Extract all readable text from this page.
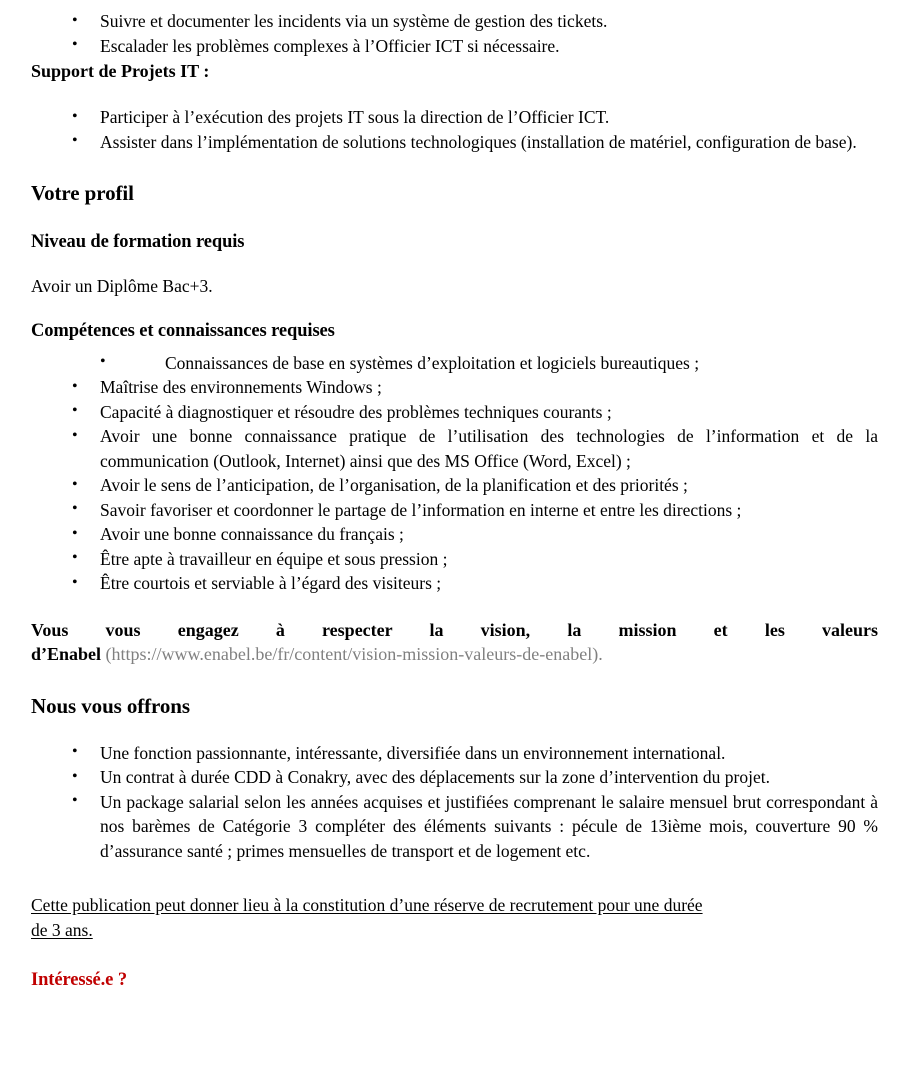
• Suivre et documenter les incidents via un système de gestion des tickets.
• Escalader les problèmes complexes à l’Officier ICT si nécessaire.

Support de Projets IT :

• Participer à l’exécution des projets IT sous la direction de l’Officier ICT.
• Assister dans l’implémentation de solutions technologiques (installation de matériel, configuration de base).
Votre profil
Niveau de formation requis

Avoir un Diplôme Bac+3.

Compétences et connaissances requises
• Connaissances de base en systèmes d’exploitation et logiciels bureautiques ;
• Maîtrise des environnements Windows ;
• Capacité à diagnostiquer et résoudre des problèmes techniques courants ;
• Avoir une bonne connaissance pratique de l’utilisation des technologies de l’information et de la communication (Outlook, Internet) ainsi que des MS Office (Word, Excel) ;
• Avoir le sens de l’anticipation, de l’organisation, de la planification et des priorités ;
• Savoir favoriser et coordonner le partage de l’information en interne et entre les directions ;
• Avoir une bonne connaissance du français ;
• Être apte à travailleur en équipe et sous pression ;
• Être courtois et serviable à l’égard des visiteurs ;

Vous vous engagez à respecter la vision, la mission et les valeurs
d’Enabel (https://www.enabel.be/fr/content/vision-mission-valeurs-de-enabel).

Nous vous offrons
• Une fonction passionnante, intéressante, diversifiée dans un environnement international.
• Un contrat à durée CDD à Conakry, avec des déplacements sur la zone d’intervention du projet.
• Un package salarial selon les années acquises et justifiées comprenant le salaire mensuel brut correspondant à nos barèmes de Catégorie 3 compléter des éléments suivants : pécule de 13ième mois, couverture 90 % d’assurance santé ; primes mensuelles de transport et de logement etc.

Cette publication peut donner lieu à la constitution d’une réserve de recrutement pour une durée
de 3 ans.

Intéressé.e ?
